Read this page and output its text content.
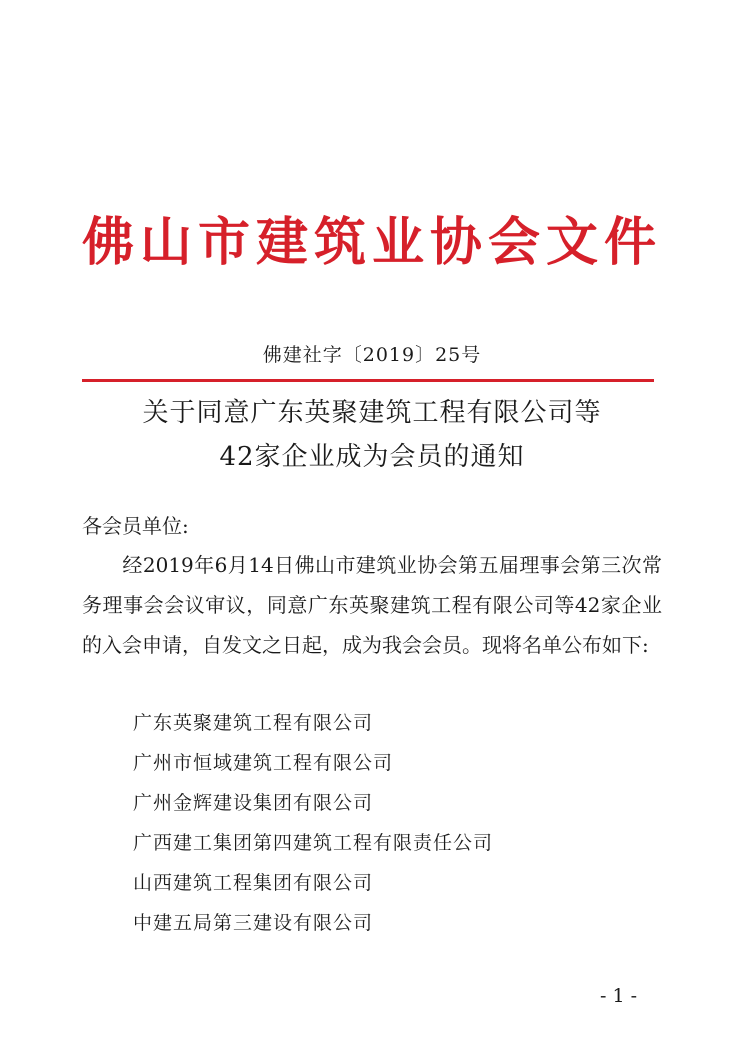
佛山市建筑业协会文件
佛建社字〔2019〕25号
关于同意广东英聚建筑工程有限公司等
42家企业成为会员的通知
各会员单位:
经2019年6月14日佛山市建筑业协会第五届理事会第三次常务理事会会议审议，同意广东英聚建筑工程有限公司等42家企业的入会申请，自发文之日起，成为我会会员。现将名单公布如下:
广东英聚建筑工程有限公司
广州市恒域建筑工程有限公司
广州金辉建设集团有限公司
广西建工集团第四建筑工程有限责任公司
山西建筑工程集团有限公司
中建五局第三建设有限公司
- 1 -
